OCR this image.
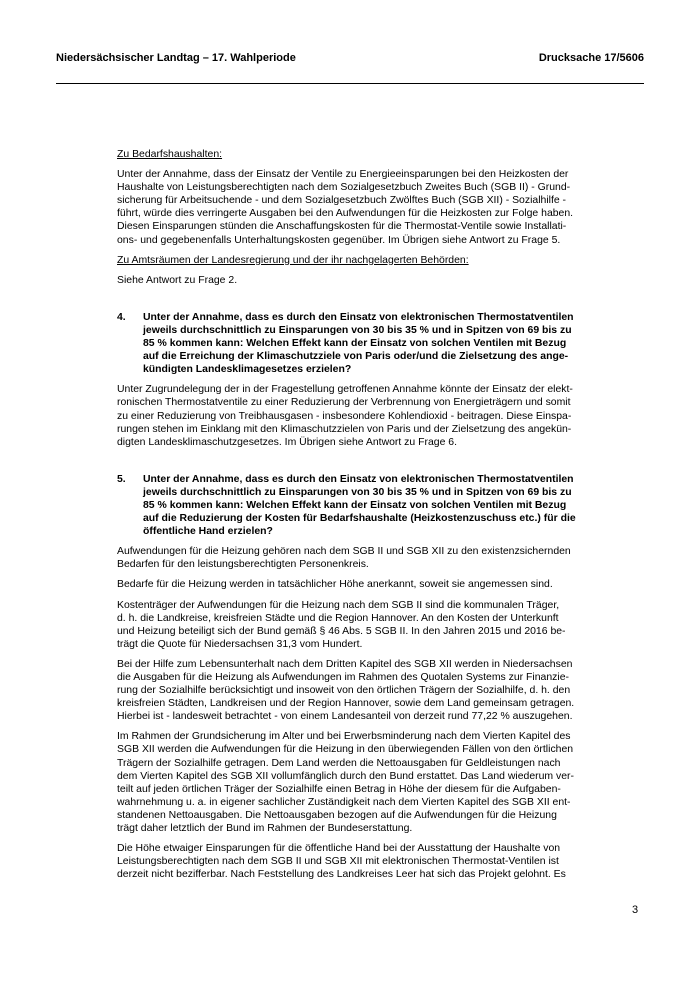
Niedersächsischer Landtag – 17. Wahlperiode	Drucksache 17/5606

Zu Bedarfshaushalten:

Unter der Annahme, dass der Einsatz der Ventile zu Energieeinsparungen bei den Heizkosten der
Haushalte von Leistungsberechtigten nach dem Sozialgesetzbuch Zweites Buch (SGB II) - Grund-
sicherung für Arbeitsuchende - und dem Sozialgesetzbuch Zwölftes Buch (SGB XII) - Sozialhilfe -
führt, würde dies verringerte Ausgaben bei den Aufwendungen für die Heizkosten zur Folge haben.
Diesen Einsparungen stünden die Anschaffungskosten für die Thermostat-Ventile sowie Installati-
ons- und gegebenenfalls Unterhaltungskosten gegenüber. Im Übrigen siehe Antwort zu Frage 5.

Zu Amtsräumen der Landesregierung und der ihr nachgelagerten Behörden:

Siehe Antwort zu Frage 2.

4.	Unter der Annahme, dass es durch den Einsatz von elektronischen Thermostatventilen
jeweils durchschnittlich zu Einsparungen von 30 bis 35 % und in Spitzen von 69 bis zu
85 % kommen kann: Welchen Effekt kann der Einsatz von solchen Ventilen mit Bezug
auf die Erreichung der Klimaschutzziele von Paris oder/und die Zielsetzung des ange-
kündigten Landesklimagesetzes erzielen?

Unter Zugrundelegung der in der Fragestellung getroffenen Annahme könnte der Einsatz der elekt-
ronischen Thermostatventile zu einer Reduzierung der Verbrennung von Energieträgern und somit
zu einer Reduzierung von Treibhausgasen - insbesondere Kohlendioxid - beitragen. Diese Einspa-
rungen stehen im Einklang mit den Klimaschutzzielen von Paris und der Zielsetzung des angekün-
digten Landesklimaschutzgesetzes. Im Übrigen siehe Antwort zu Frage 6.

5.	Unter der Annahme, dass es durch den Einsatz von elektronischen Thermostatventilen
jeweils durchschnittlich zu Einsparungen von 30 bis 35 % und in Spitzen von 69 bis zu
85 % kommen kann: Welchen Effekt kann der Einsatz von solchen Ventilen mit Bezug
auf die Reduzierung der Kosten für Bedarfshaushalte (Heizkostenzuschuss etc.) für die
öffentliche Hand erzielen?

Aufwendungen für die Heizung gehören nach dem SGB II und SGB XII zu den existenzsichernden
Bedarfen für den leistungsberechtigten Personenkreis.

Bedarfe für die Heizung werden in tatsächlicher Höhe anerkannt, soweit sie angemessen sind.

Kostenträger der Aufwendungen für die Heizung nach dem SGB II sind die kommunalen Träger,
d. h. die Landkreise, kreisfreien Städte und die Region Hannover. An den Kosten der Unterkunft
und Heizung beteiligt sich der Bund gemäß § 46 Abs. 5 SGB II. In den Jahren 2015 und 2016 be-
trägt die Quote für Niedersachsen 31,3 vom Hundert.

Bei der Hilfe zum Lebensunterhalt nach dem Dritten Kapitel des SGB XII werden in Niedersachsen
die Ausgaben für die Heizung als Aufwendungen im Rahmen des Quotalen Systems zur Finanzie-
rung der Sozialhilfe berücksichtigt und insoweit von den örtlichen Trägern der Sozialhilfe, d. h. den
kreisfreien Städten, Landkreisen und der Region Hannover, sowie dem Land gemeinsam getragen.
Hierbei ist - landesweit betrachtet - von einem Landesanteil von derzeit rund 77,22 % auszugehen.

Im Rahmen der Grundsicherung im Alter und bei Erwerbsminderung nach dem Vierten Kapitel des
SGB XII werden die Aufwendungen für die Heizung in den überwiegenden Fällen von den örtlichen
Trägern der Sozialhilfe getragen. Dem Land werden die Nettoausgaben für Geldleistungen nach
dem Vierten Kapitel des SGB XII vollumfänglich durch den Bund erstattet. Das Land wiederum ver-
teilt auf jeden örtlichen Träger der Sozialhilfe einen Betrag in Höhe der diesem für die Aufgaben-
wahrnehmung u. a. in eigener sachlicher Zuständigkeit nach dem Vierten Kapitel des SGB XII ent-
standenen Nettoausgaben. Die Nettoausgaben bezogen auf die Aufwendungen für die Heizung
trägt daher letztlich der Bund im Rahmen der Bundeserstattung.

Die Höhe etwaiger Einsparungen für die öffentliche Hand bei der Ausstattung der Haushalte von
Leistungsberechtigten nach dem SGB II und SGB XII mit elektronischen Thermostat-Ventilen ist
derzeit nicht bezifferbar. Nach Feststellung des Landkreises Leer hat sich das Projekt gelohnt. Es

3
